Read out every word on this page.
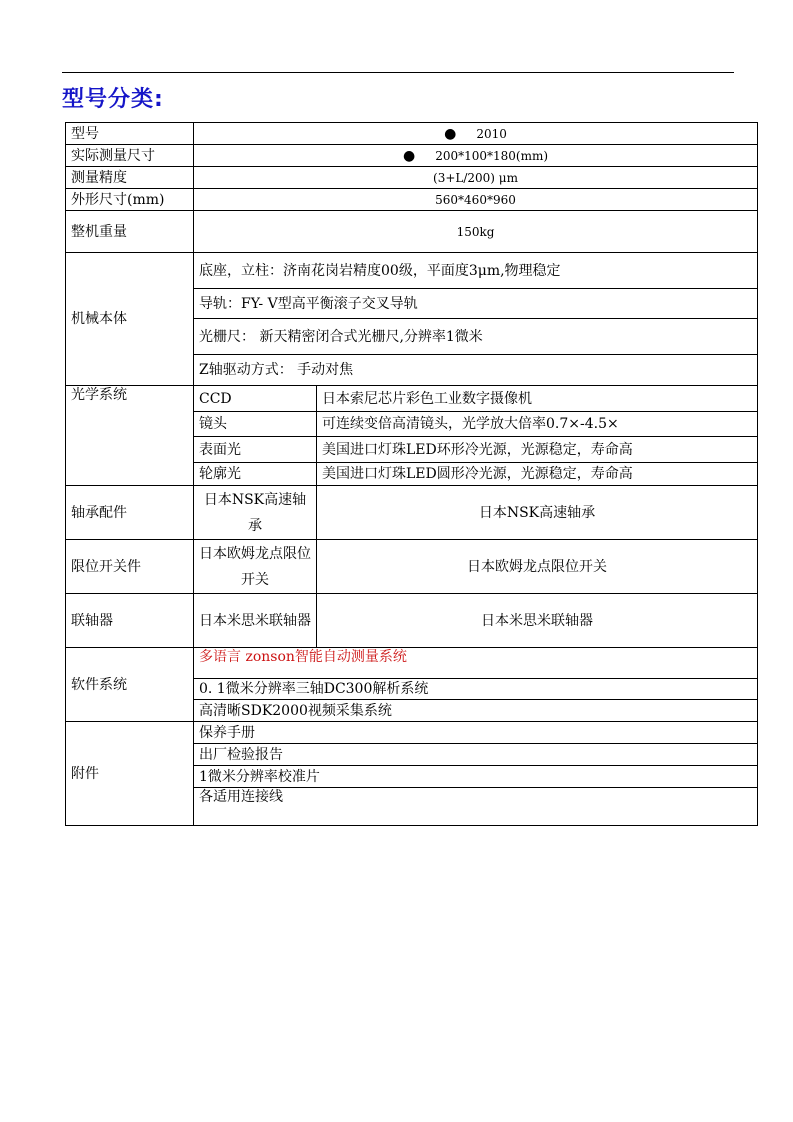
型号分类:
型号	● 2010	
实际测量尺寸	● 200*100*180(mm)	
测量精度	(3+L/200) μm	
外形尺寸(mm)	560*460*960	
整机重量	150kg	
机械本体	底座，立柱：济南花岗岩精度00级，平面度3μm,物理稳定	
	导轨：FY- V型高平衡滚子交叉导轨	
	光栅尺： 新天精密闭合式光栅尺,分辨率1微米	
	Z轴驱动方式： 手动对焦	
光学系统	CCD	日本索尼芯片彩色工业数字摄像机
	镜头	可连续变倍高清镜头，光学放大倍率0.7×-4.5×
	表面光	美国进口灯珠LED环形冷光源，光源稳定，寿命高
	轮廓光	美国进口灯珠LED圆形冷光源，光源稳定，寿命高
轴承配件	日本NSK高速轴承	日本NSK高速轴承
限位开关件	日本欧姆龙点限位开关	日本欧姆龙点限位开关
联轴器	日本米思米联轴器	日本米思米联轴器
软件系统	多语言 zonson智能自动测量系统	
	0. 1微米分辨率三轴DC300解析系统	
	高清晰SDK2000视频采集系统	
附件	保养手册	
	出厂检验报告	
	1微米分辨率校准片	
	各适用连接线	
